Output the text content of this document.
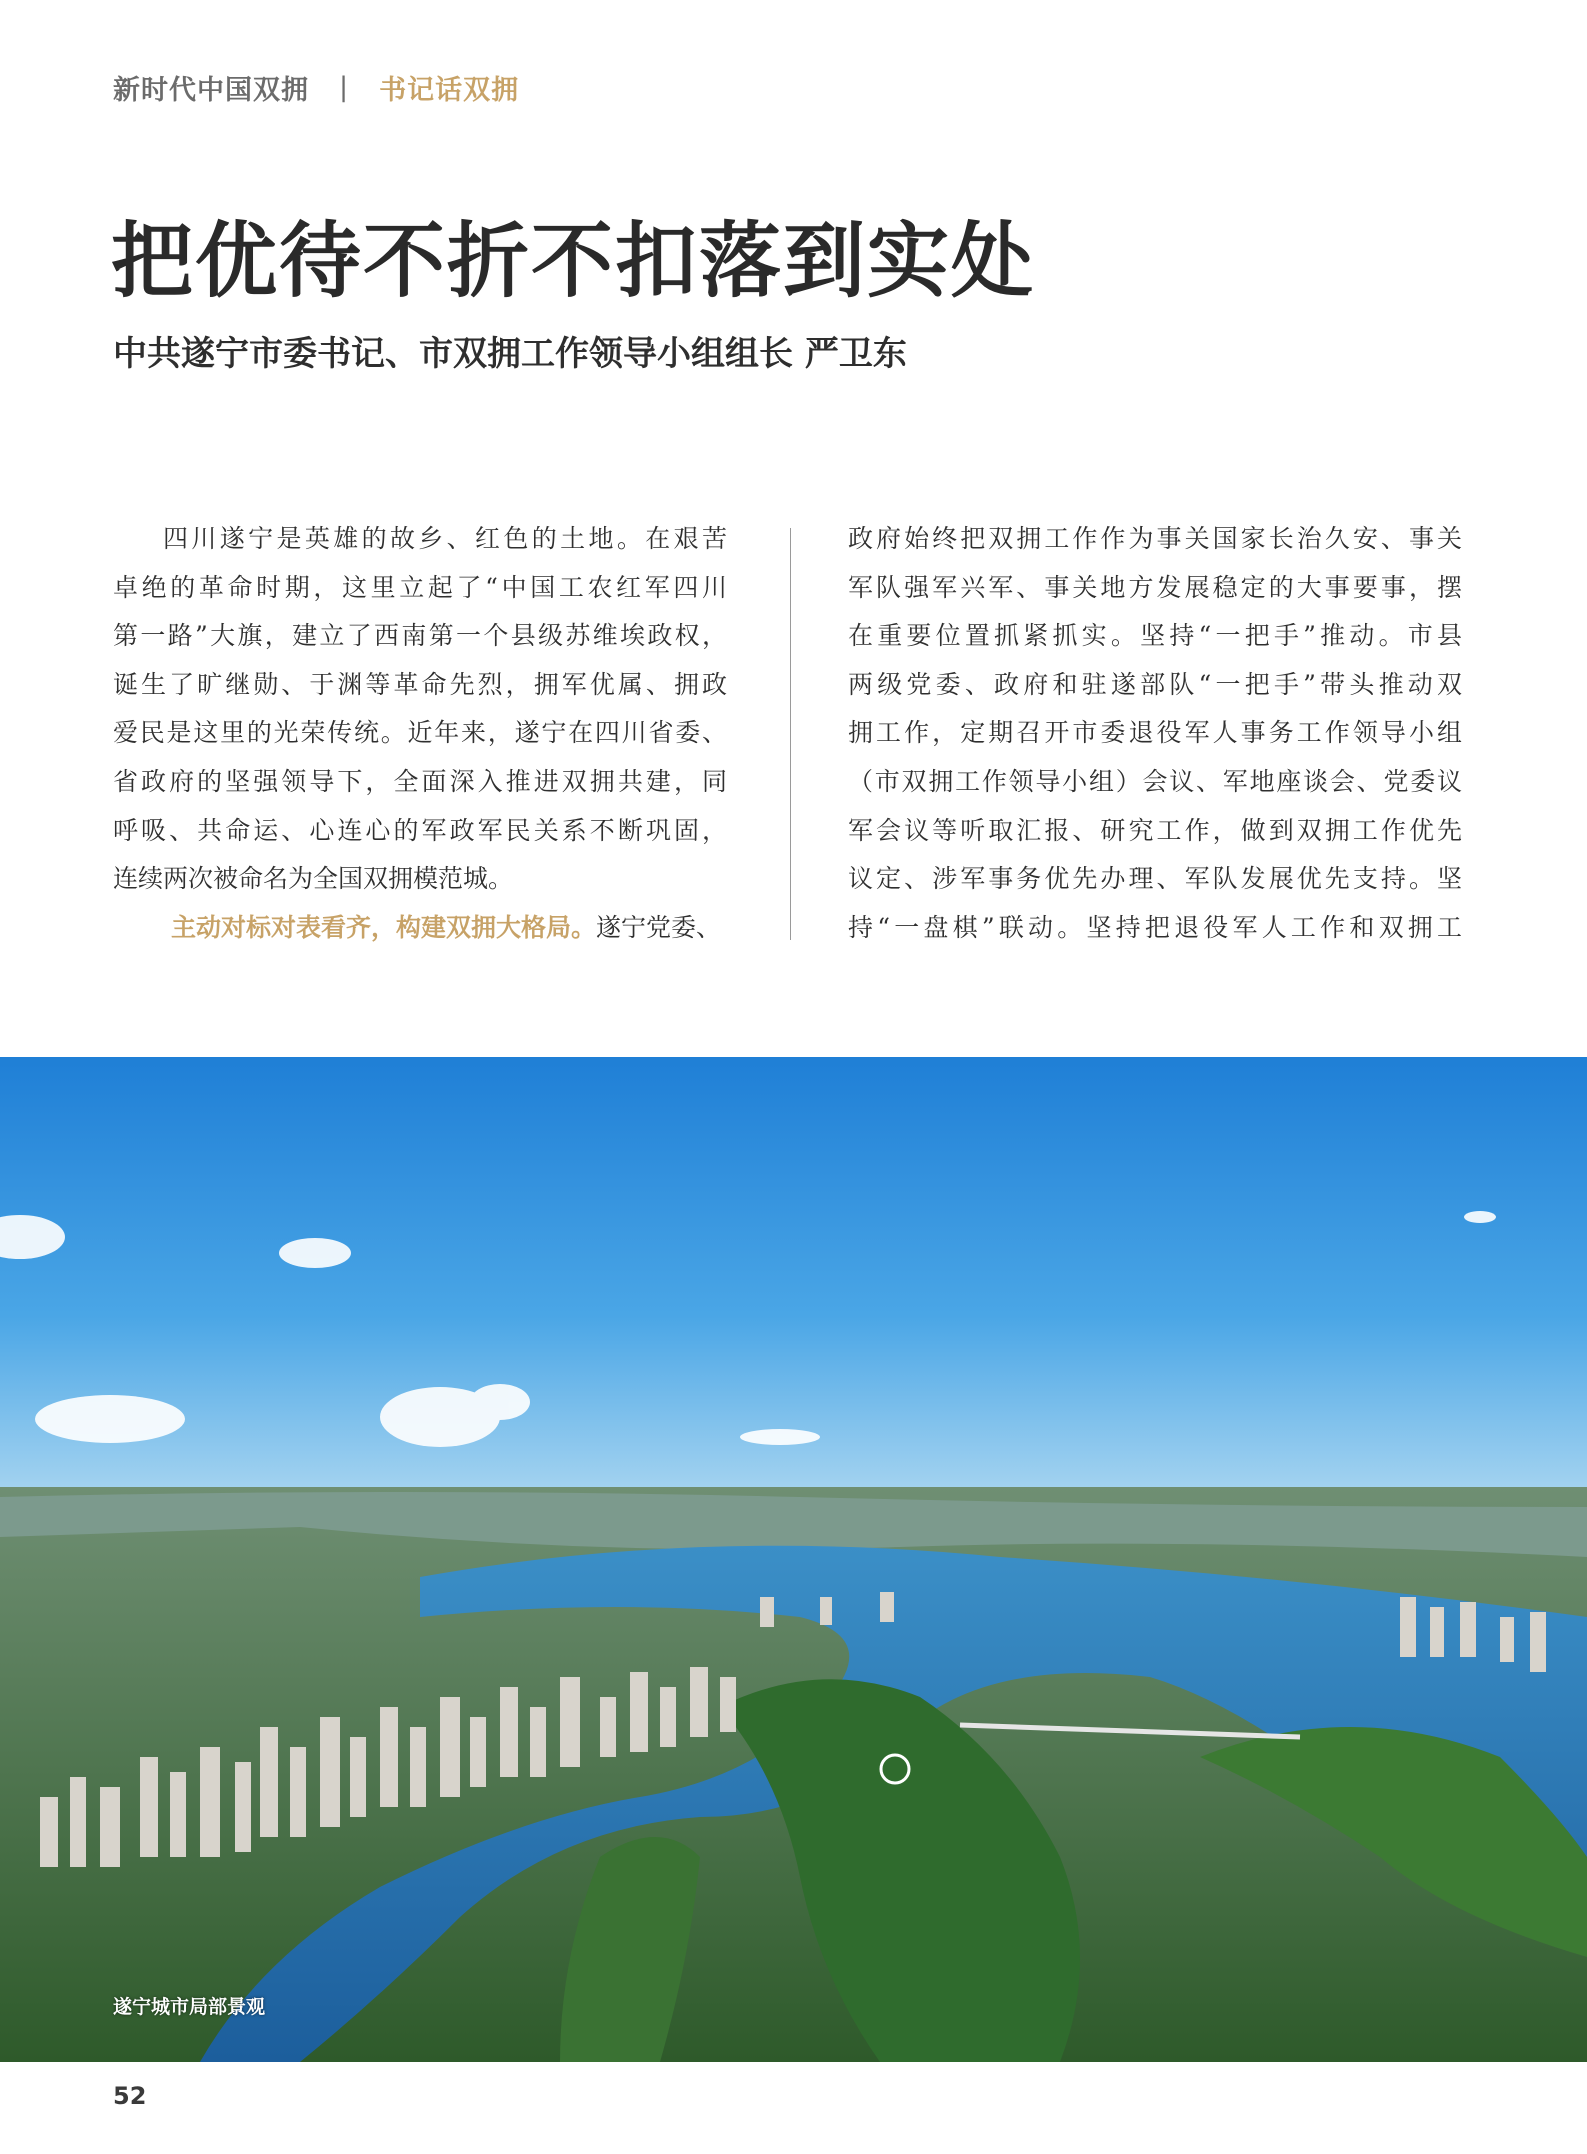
新时代中国双拥 | 书记话双拥
把优待不折不扣落到实处
中共遂宁市委书记、市双拥工作领导小组组长 严卫东
四川遂宁是英雄的故乡、红色的土地。在艰苦
卓绝的革命时期，这里立起了“中国工农红军四川
第一路”大旗，建立了西南第一个县级苏维埃政权，
诞生了旷继勋、于渊等革命先烈，拥军优属、拥政
爱民是这里的光荣传统。近年来，遂宁在四川省委、
省政府的坚强领导下，全面深入推进双拥共建，同
呼吸、共命运、心连心的军政军民关系不断巩固，
连续两次被命名为全国双拥模范城。
主动对标对表看齐，构建双拥大格局。遂宁党委、
政府始终把双拥工作作为事关国家长治久安、事关
军队强军兴军、事关地方发展稳定的大事要事，摆
在重要位置抓紧抓实。坚持“一把手”推动。市县
两级党委、政府和驻遂部队“一把手”带头推动双
拥工作，定期召开市委退役军人事务工作领导小组
（市双拥工作领导小组）会议、军地座谈会、党委议
军会议等听取汇报、研究工作，做到双拥工作优先
议定、涉军事务优先办理、军队发展优先支持。坚
持“一盘棋”联动。坚持把退役军人工作和双拥工
遂宁城市局部景观
52
